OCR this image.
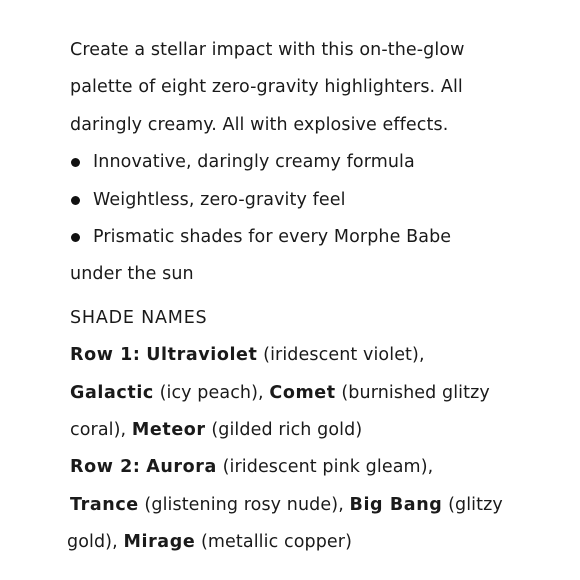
Create a stellar impact with this on-the-glow
palette of eight zero-gravity highlighters. All
daringly creamy. All with explosive effects.
Innovative, daringly creamy formula
Weightless, zero-gravity feel
Prismatic shades for every Morphe Babe
under the sun
SHADE NAMES
Row 1: Ultraviolet (iridescent violet),
Galactic (icy peach), Comet (burnished glitzy
coral), Meteor (gilded rich gold)
Row 2: Aurora (iridescent pink gleam),
Trance (glistening rosy nude), Big Bang (glitzy
gold), Mirage (metallic copper)
